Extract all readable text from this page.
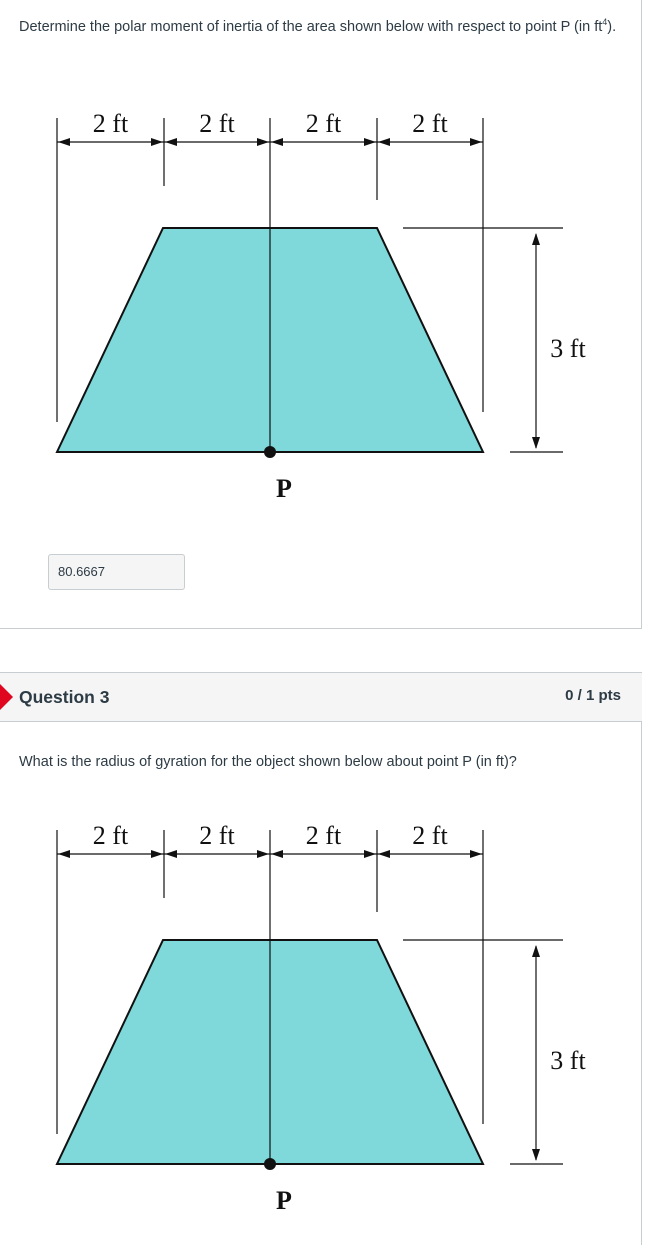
Determine the polar moment of inertia of the area shown below with respect to point P (in $ft^4$).
2 ft	2 ft	2 ft	2 ft
3 ft
P
80.6667
Question 3	0 / 1 pts
What is the radius of gyration for the object shown below about point P (in ft)?
2 ft	2 ft	2 ft	2 ft
3 ft
P
